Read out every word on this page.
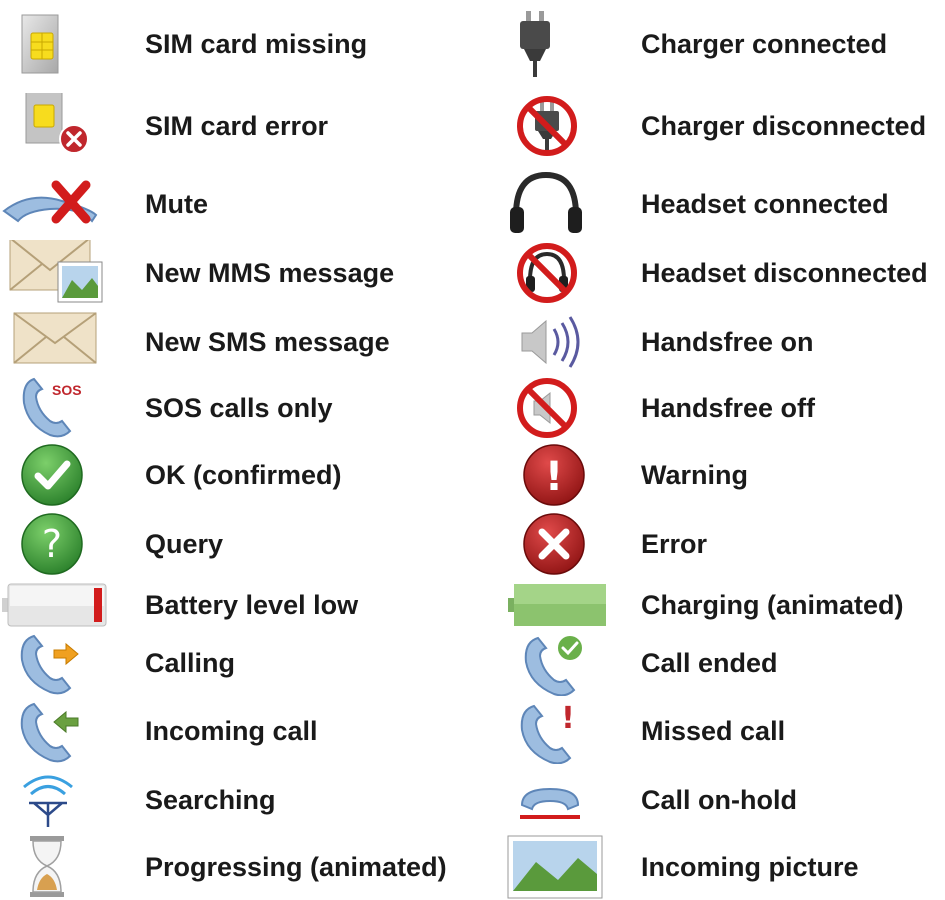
SIM card missing
SIM card error
Mute
New MMS message
New SMS message
SOS
SOS calls only
OK (confirmed)
?	Query
Battery level low
Calling
Incoming call
Searching
Progressing (animated)
Charger connected
Charger disconnected
Headset connected
Headset disconnected
Handsfree on
Handsfree off
!	Warning
Error
Charging (animated)
Call ended
! Missed call
Call on-hold
Incoming picture
